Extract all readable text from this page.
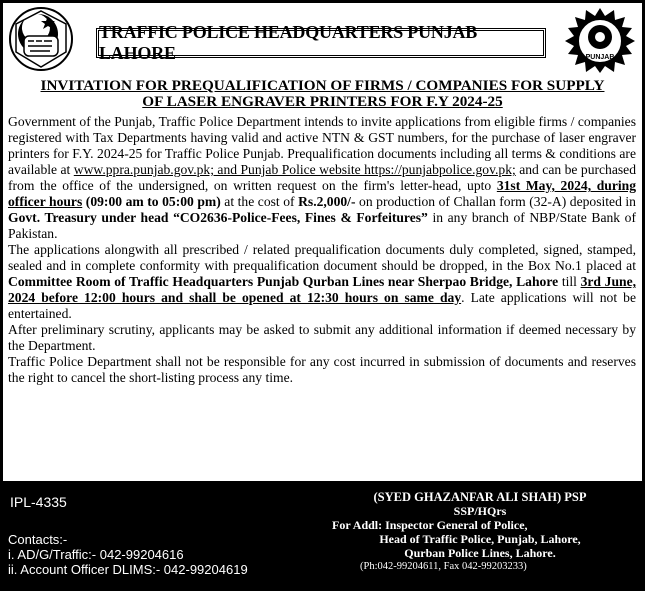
PUNJAB
TRAFFIC POLICE HEADQUARTERS PUNJAB LAHORE
INVITATION FOR PREQUALIFICATION OF FIRMS / COMPANIES FOR SUPPLY
OF LASER ENGRAVER PRINTERS FOR F.Y 2024-25

Government of the Punjab, Traffic Police Department intends to invite applications from eligible firms / companies registered with Tax Departments having valid and active NTN & GST numbers, for the purchase of laser engraver printers for F.Y. 2024-25 for Traffic Police Punjab. Prequalification documents including all terms & conditions are available at www.ppra.punjab.gov.pk; and Punjab Police website https://punjabpolice.gov.pk; and can be purchased from the office of the undersigned, on written request on the firm's letter-head, upto 31st May, 2024, during officer hours (09:00 am to 05:00 pm) at the cost of Rs.2,000/- on production of Challan form (32-A) deposited in Govt. Treasury under head “CO2636-Police-Fees, Fines & Forfeitures” in any branch of NBP/State Bank of Pakistan.

The applications alongwith all prescribed / related prequalification documents duly completed, signed, stamped, sealed and in complete conformity with prequalification document should be dropped, in the Box No.1 placed at Committee Room of Traffic Headquarters Punjab Qurban Lines near Sherpao Bridge, Lahore till 3rd June, 2024 before 12:00 hours and shall be opened at 12:30 hours on same day. Late applications will not be entertained.

After preliminary scrutiny, applicants may be asked to submit any additional information if deemed necessary by the Department.

Traffic Police Department shall not be responsible for any cost incurred in submission of documents and reserves the right to cancel the short-listing process any time.

IPL-4335
Contacts:-
i. AD/G/Traffic:- 042-99204616
ii. Account Officer DLIMS:- 042-99204619
(SYED GHAZANFAR ALI SHAH) PSP
SSP/HQrs
For Addl: Inspector General of Police,
Head of Traffic Police, Punjab, Lahore,
Qurban Police Lines, Lahore.
(Ph:042-99204611, Fax 042-99203233)
